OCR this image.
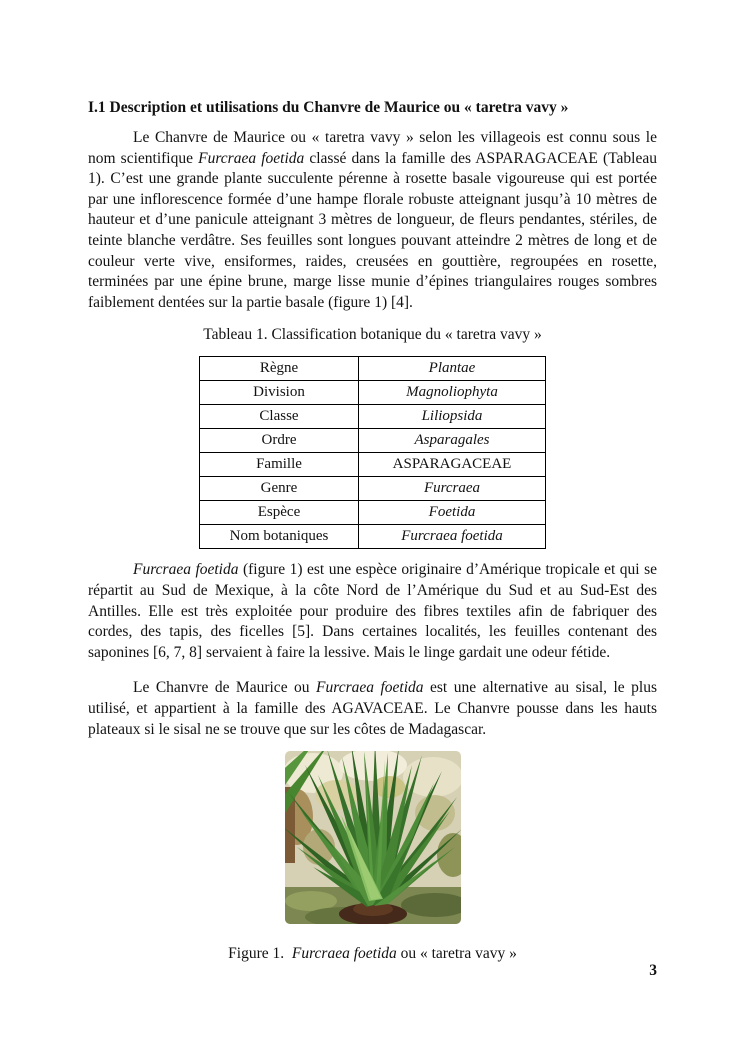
I.1 Description et utilisations du Chanvre de Maurice ou « taretra vavy »

Le Chanvre de Maurice ou « taretra vavy » selon les villageois est connu sous le nom scientifique Furcraea foetida classé dans la famille des ASPARAGACEAE (Tableau 1). C’est une grande plante succulente pérenne à rosette basale vigoureuse qui est portée par une inflorescence formée d’une hampe florale robuste atteignant jusqu’à 10 mètres de hauteur et d’une panicule atteignant 3 mètres de longueur, de fleurs pendantes, stériles, de teinte blanche verdâtre. Ses feuilles sont longues pouvant atteindre 2 mètres de long et de couleur verte vive, ensiformes, raides, creusées en gouttière, regroupées en rosette, terminées par une épine brune, marge lisse munie d’épines triangulaires rouges sombres faiblement dentées sur la partie basale (figure 1) [4].

Tableau 1. Classification botanique du « taretra vavy »
Règne	Plantae
Division	Magnoliophyta
Classe	Liliopsida
Ordre	Asparagales
Famille	ASPARAGACEAE
Genre	Furcraea
Espèce	Foetida
Nom botaniques	Furcraea foetida

Furcraea foetida (figure 1) est une espèce originaire d’Amérique tropicale et qui se répartit au Sud de Mexique, à la côte Nord de l’Amérique du Sud et au Sud-Est des Antilles. Elle est très exploitée pour produire des fibres textiles afin de fabriquer des cordes, des tapis, des ficelles [5]. Dans certaines localités, les feuilles contenant des saponines [6, 7, 8] servaient à faire la lessive. Mais le linge gardait une odeur fétide.

Le Chanvre de Maurice ou Furcraea foetida est une alternative au sisal, le plus utilisé, et appartient à la famille des AGAVACEAE. Le Chanvre pousse dans les hauts plateaux si le sisal ne se trouve que sur les côtes de Madagascar.

Figure 1.  Furcraea foetida ou « taretra vavy »
3
